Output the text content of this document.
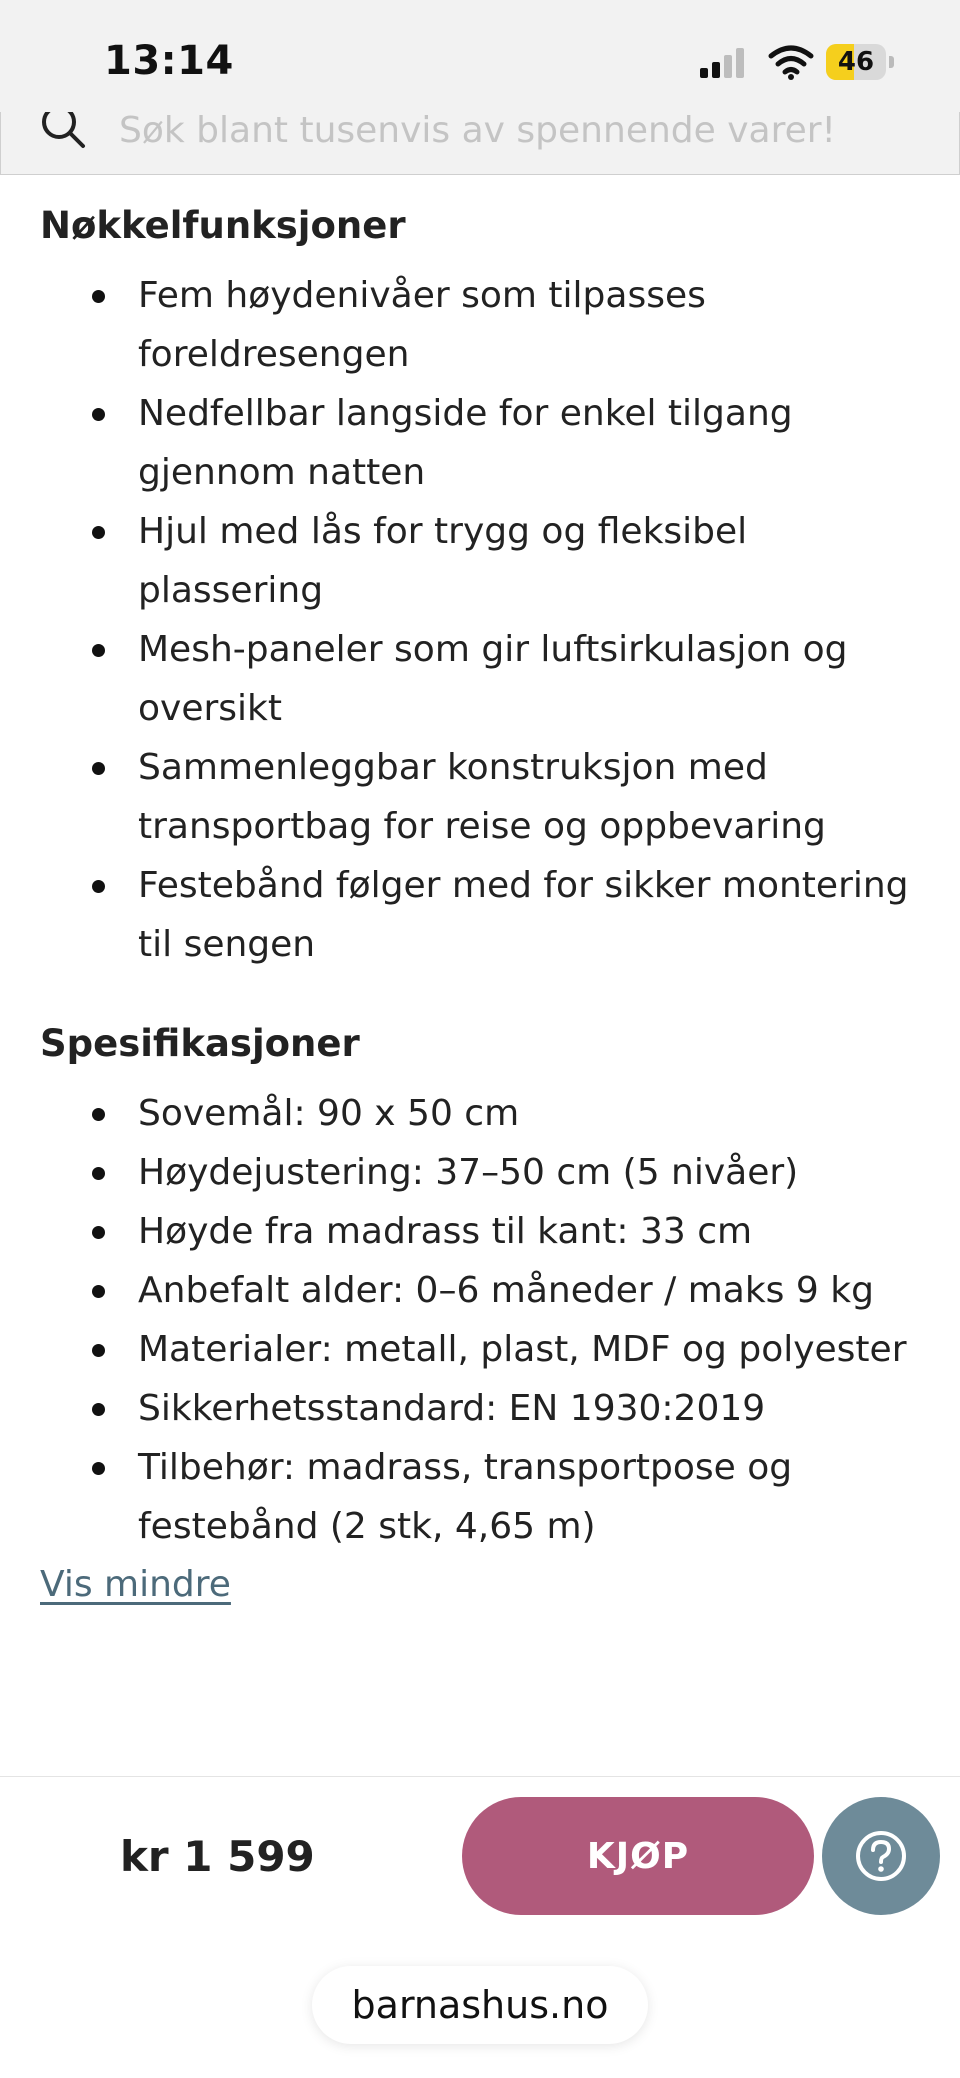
13:14	46
Søk blant tusenvis av spennende varer!
Nøkkelfunksjoner
Fem høydenivåer som tilpasses foreldresengen
Nedfellbar langside for enkel tilgang gjennom natten
Hjul med lås for trygg og fleksibel plassering
Mesh-paneler som gir luftsirkulasjon og oversikt
Sammenleggbar konstruksjon med transportbag for reise og oppbevaring
Festebånd følger med for sikker montering til sengen
Spesifikasjoner
Sovemål: 90 x 50 cm
Høydejustering: 37–50 cm (5 nivåer)
Høyde fra madrass til kant: 33 cm
Anbefalt alder: 0–6 måneder / maks 9 kg
Materialer: metall, plast, MDF og polyester
Sikkerhetsstandard: EN 1930:2019
Tilbehør: madrass, transportpose og festebånd (2 stk, 4,65 m)
Vis mindre
kr 1 599	KJØP
barnashus.no
